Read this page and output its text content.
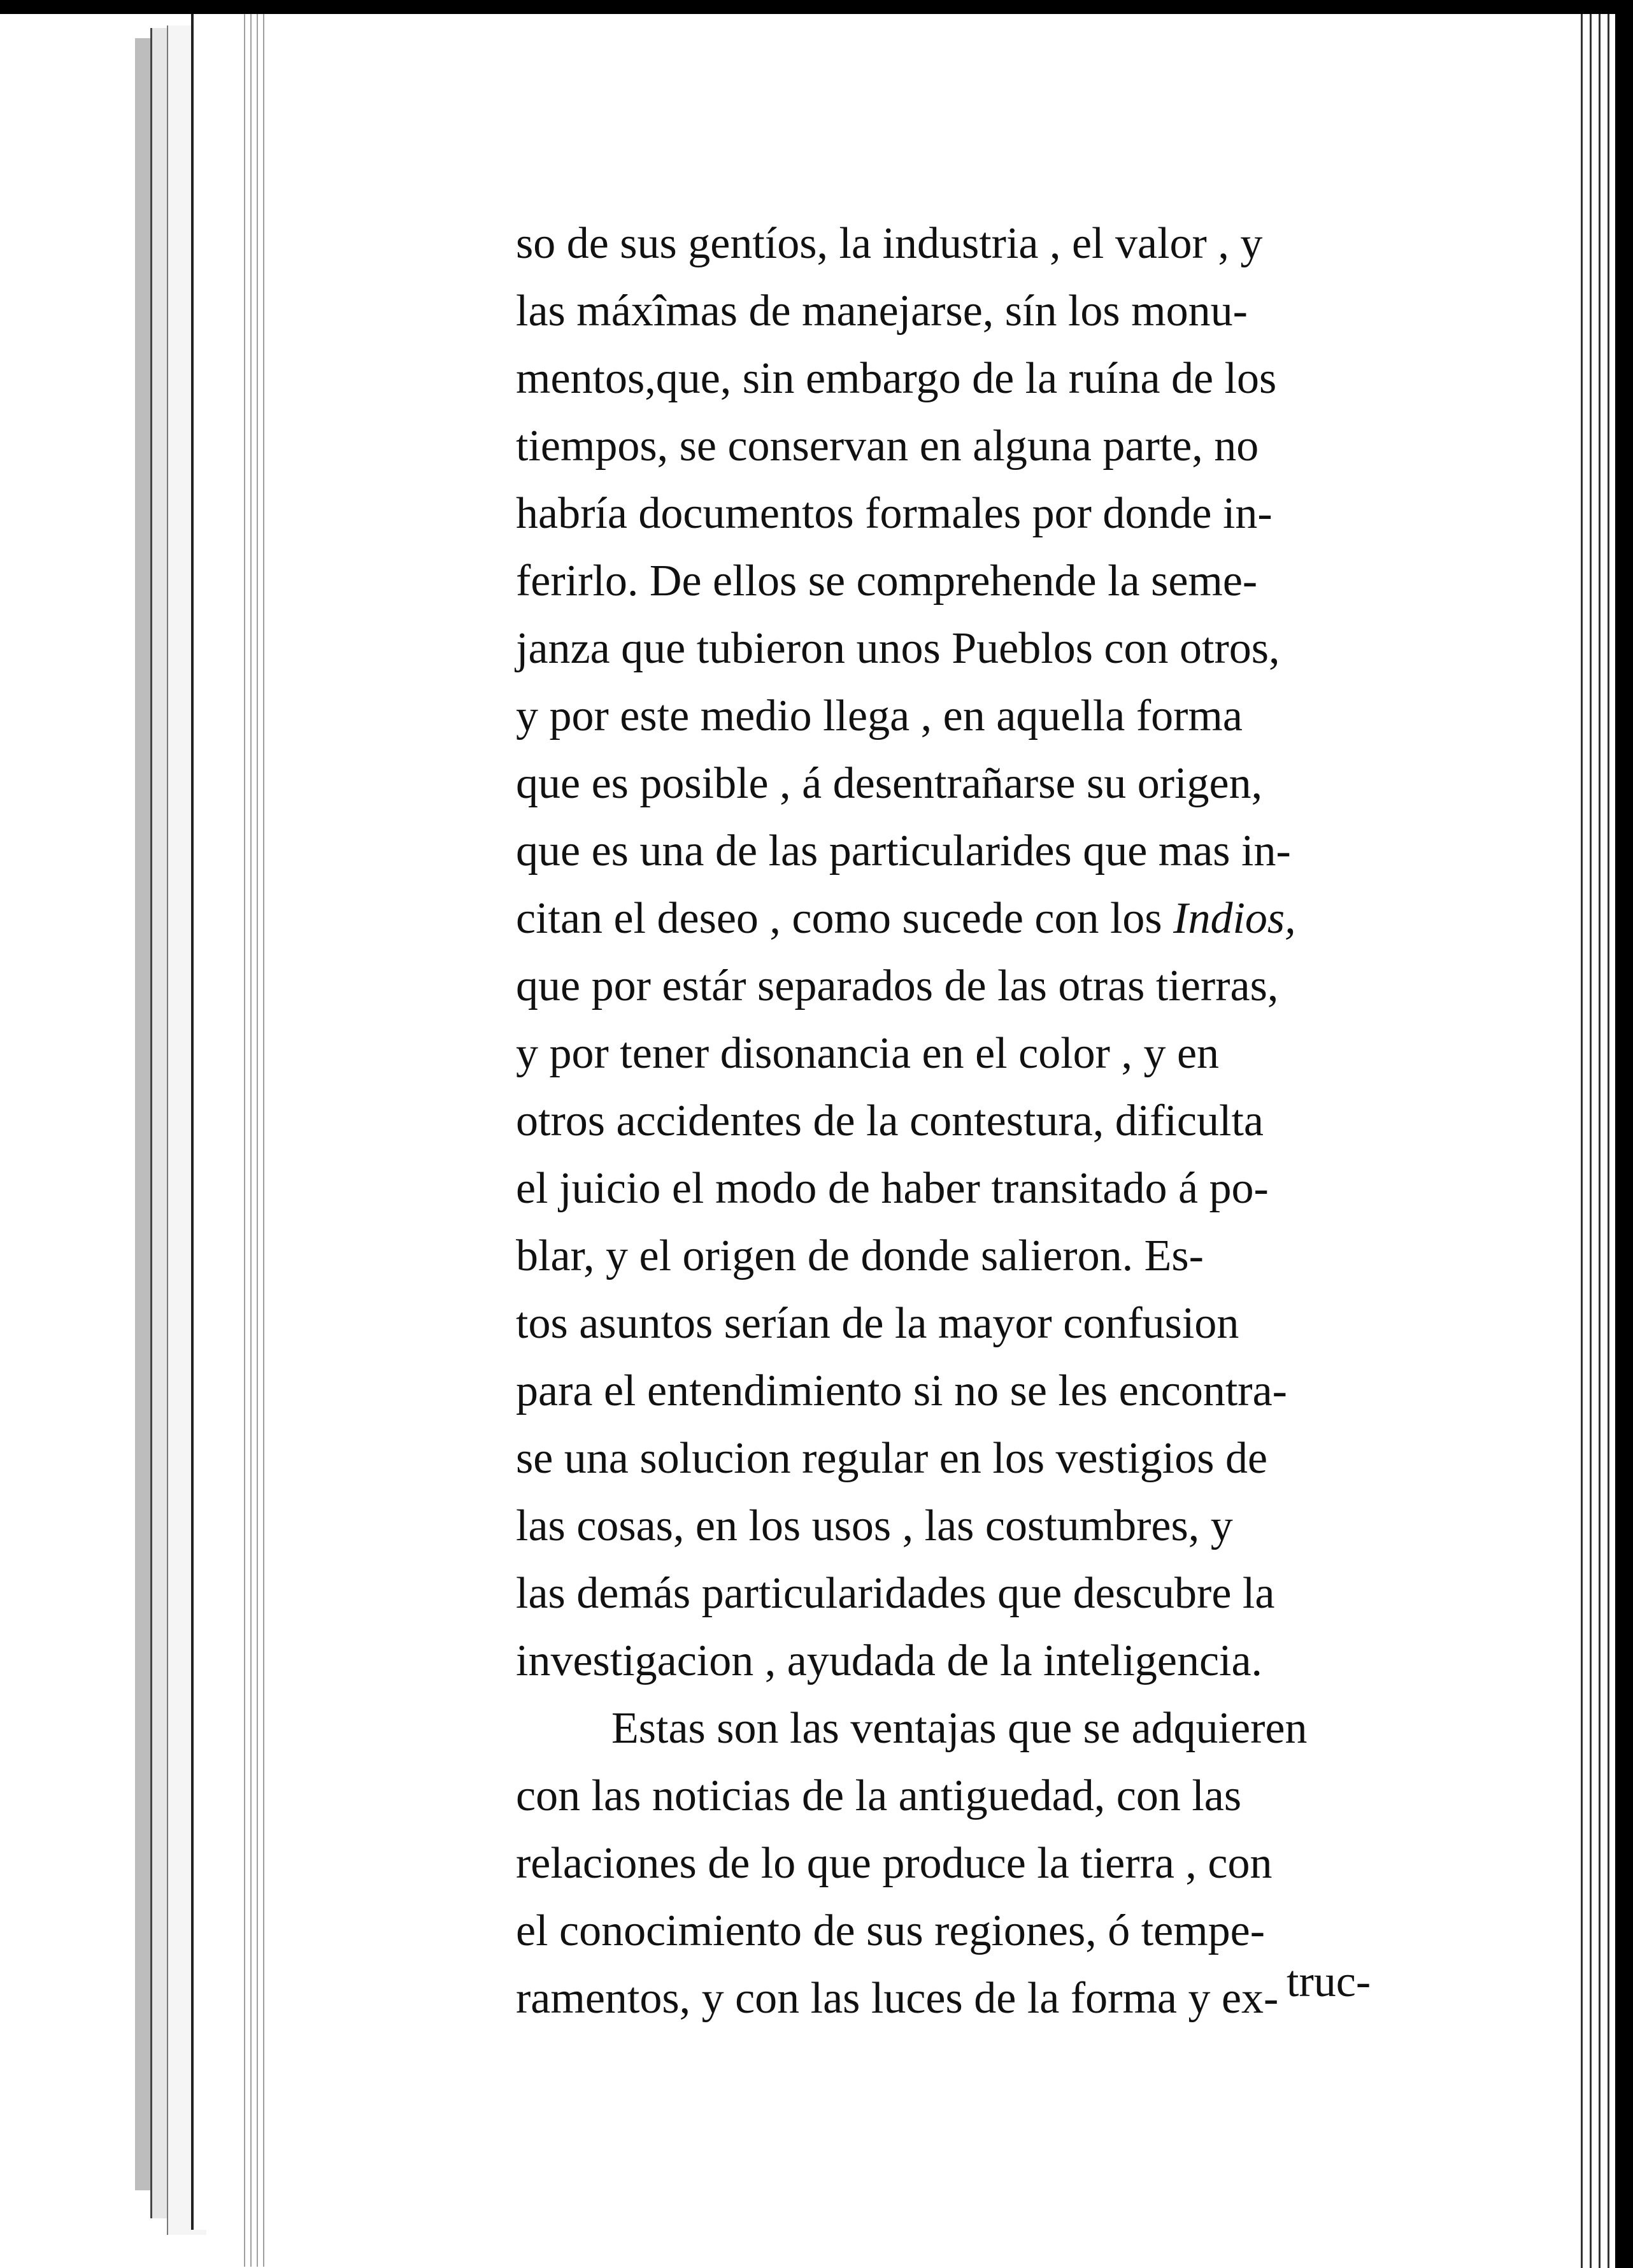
so de sus gentíos, la industria , el valor , y
las máxîmas de manejarse, sín los monu-
mentos,que, sin embargo de la ruína de los
tiempos, se conservan en alguna parte, no
habría documentos formales por donde in-
ferirlo. De ellos se comprehende la seme-
janza que tubieron unos Pueblos con otros,
y por este medio llega , en aquella forma
que es posible , á desentrañarse su origen,
que es una de las particularides que mas in-
citan el deseo , como sucede con los Indios,
que por estár separados de las otras tierras,
y por tener disonancia en el color , y en
otros accidentes de la contestura, dificulta
el juicio el modo de haber transitado á po-
blar, y el origen de donde salieron. Es-
tos asuntos serían de la mayor confusion
para el entendimiento si no se les encontra-
se una solucion regular en los vestigios de
las cosas, en los usos , las costumbres, y
las demás particularidades que descubre la
investigacion , ayudada de la inteligencia.
Estas son las ventajas que se adquieren
con las noticias de la antiguedad, con las
relaciones de lo que produce la tierra , con
el conocimiento de sus regiones, ó tempe-
ramentos, y con las luces de la forma y ex- truc-
